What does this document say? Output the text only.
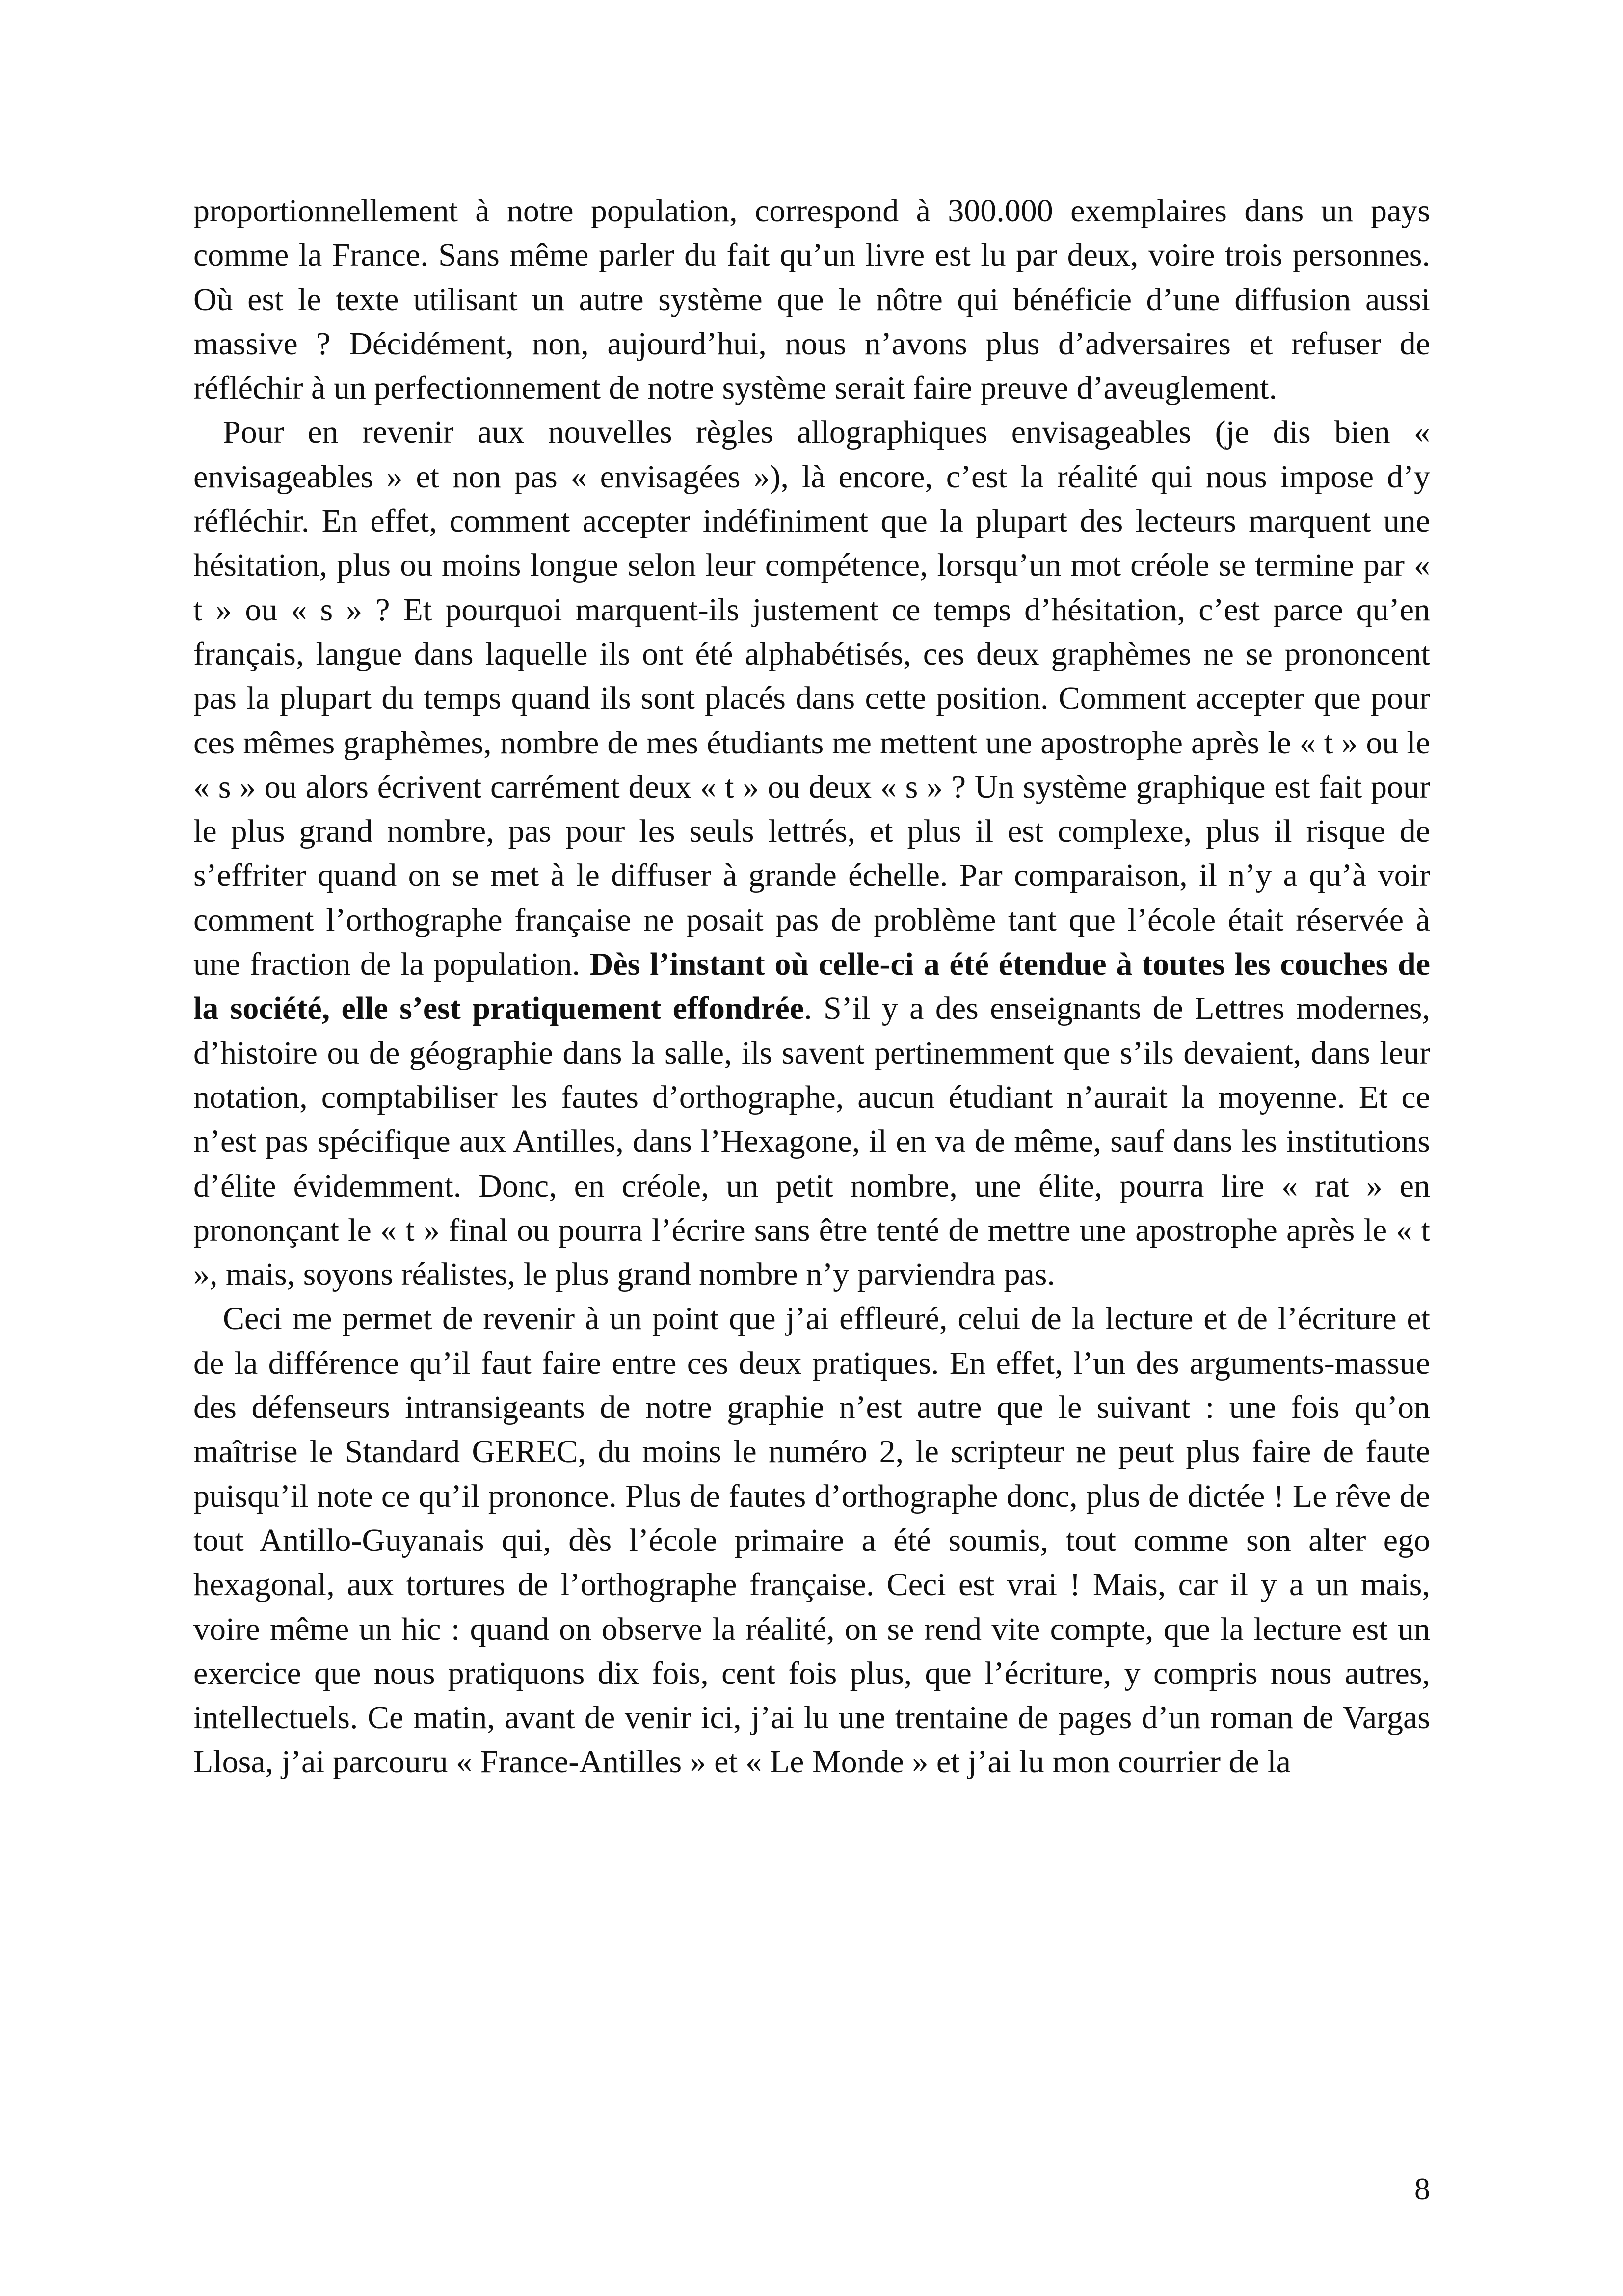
proportionnellement à notre population, correspond à 300.000 exemplaires dans un pays comme la France. Sans même parler du fait qu’un livre est lu par deux, voire trois personnes. Où est le texte utilisant un autre système que le nôtre qui bénéficie d’une diffusion aussi massive ? Décidément, non, aujourd’hui, nous n’avons plus d’adversaires et refuser de réfléchir à un perfectionnement de notre système serait faire preuve d’aveuglement.

Pour en revenir aux nouvelles règles allographiques envisageables (je dis bien « envisageables » et non pas « envisagées »), là encore, c’est la réalité qui nous impose d’y réfléchir. En effet, comment accepter indéfiniment que la plupart des lecteurs marquent une hésitation, plus ou moins longue selon leur compétence, lorsqu’un mot créole se termine par « t » ou « s » ? Et pourquoi marquent-ils justement ce temps d’hésitation, c’est parce qu’en français, langue dans laquelle ils ont été alphabétisés, ces deux graphèmes ne se prononcent pas la plupart du temps quand ils sont placés dans cette position. Comment accepter que pour ces mêmes graphèmes, nombre de mes étudiants me mettent une apostrophe après le « t » ou le « s » ou alors écrivent carrément deux « t » ou deux « s » ? Un système graphique est fait pour le plus grand nombre, pas pour les seuls lettrés, et plus il est complexe, plus il risque de s’effriter quand on se met à le diffuser à grande échelle. Par comparaison, il n’y a qu’à voir comment l’orthographe française ne posait pas de problème tant que l’école était réservée à une fraction de la population. Dès l’instant où celle-ci a été étendue à toutes les couches de la société, elle s’est pratiquement effondrée. S’il y a des enseignants de Lettres modernes, d’histoire ou de géographie dans la salle, ils savent pertinemment que s’ils devaient, dans leur notation, comptabiliser les fautes d’orthographe, aucun étudiant n’aurait la moyenne. Et ce n’est pas spécifique aux Antilles, dans l’Hexagone, il en va de même, sauf dans les institutions d’élite évidemment. Donc, en créole, un petit nombre, une élite, pourra lire « rat » en prononçant le « t » final ou pourra l’écrire sans être tenté de mettre une apostrophe après le « t », mais, soyons réalistes, le plus grand nombre n’y parviendra pas.

Ceci me permet de revenir à un point que j’ai effleuré, celui de la lecture et de l’écriture et de la différence qu’il faut faire entre ces deux pratiques. En effet, l’un des arguments-massue des défenseurs intransigeants de notre graphie n’est autre que le suivant : une fois qu’on maîtrise le Standard GEREC, du moins le numéro 2, le scripteur ne peut plus faire de faute puisqu’il note ce qu’il prononce. Plus de fautes d’orthographe donc, plus de dictée ! Le rêve de tout Antillo-Guyanais qui, dès l’école primaire a été soumis, tout comme son alter ego hexagonal, aux tortures de l’orthographe française. Ceci est vrai ! Mais, car il y a un mais, voire même un hic : quand on observe la réalité, on se rend vite compte, que la lecture est un exercice que nous pratiquons dix fois, cent fois plus, que l’écriture, y compris nous autres, intellectuels. Ce matin, avant de venir ici, j’ai lu une trentaine de pages d’un roman de Vargas Llosa, j’ai parcouru « France-Antilles » et « Le Monde » et j’ai lu mon courrier de la

8
